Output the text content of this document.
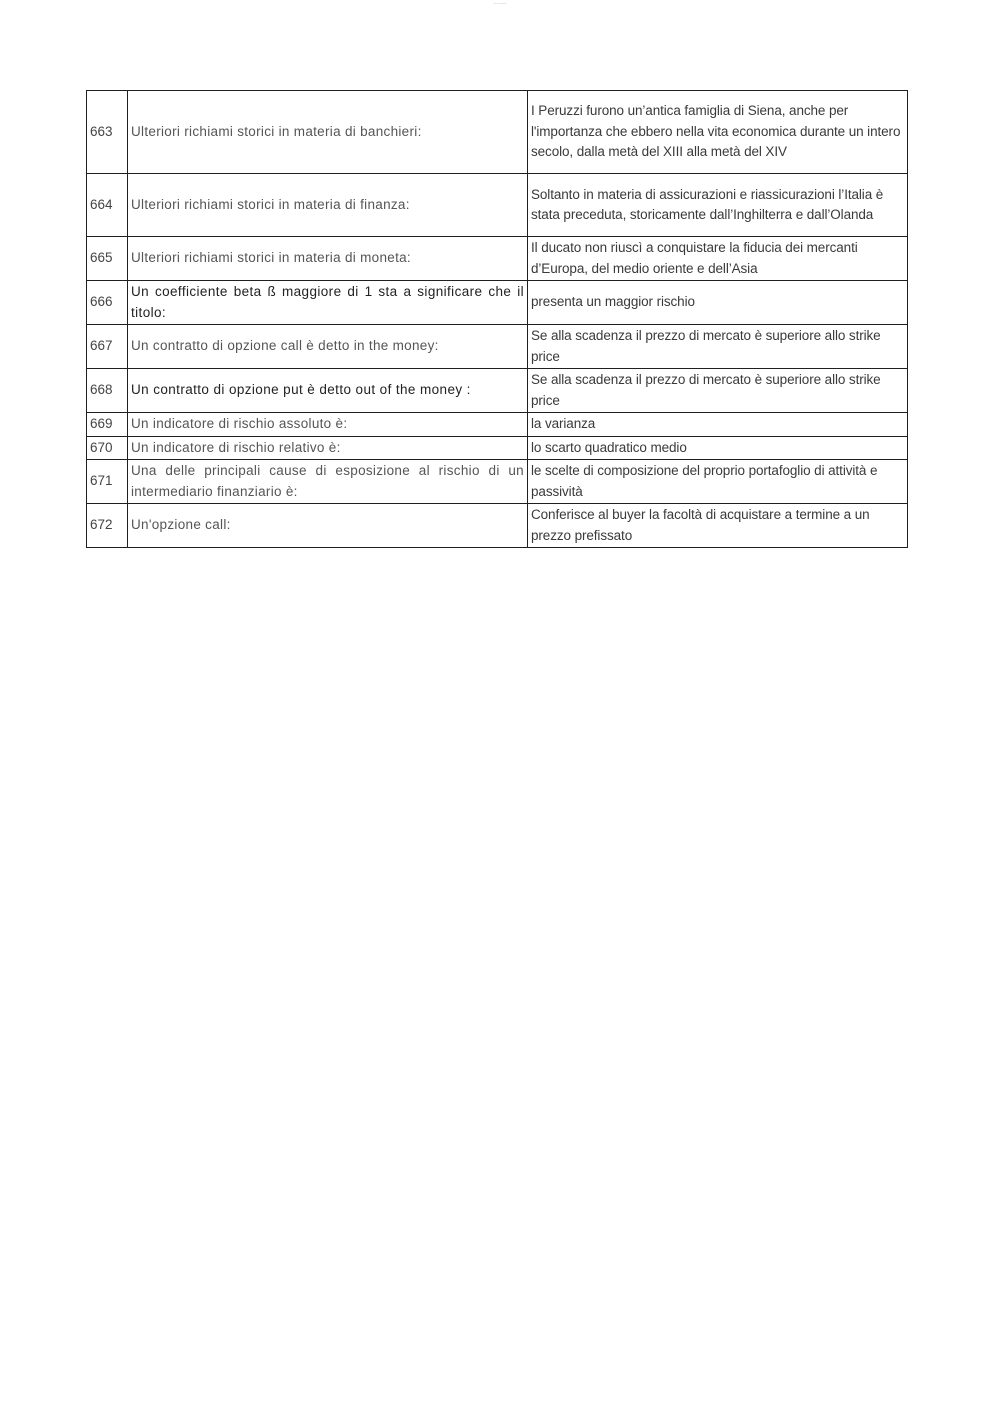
— ——
663	Ulteriori richiami storici in materia di banchieri:	I Peruzzi furono un’antica famiglia di Siena, anche per l'importanza che ebbero nella vita economica durante un intero secolo, dalla metà del XIII alla metà del XIV
664	Ulteriori richiami storici in materia di finanza:	Soltanto in materia di assicurazioni e riassicurazioni l’Italia è stata preceduta, storicamente dall’Inghilterra e dall’Olanda
665	Ulteriori richiami storici in materia di moneta:	Il ducato non riuscì a conquistare la fiducia dei mercanti d’Europa, del medio oriente e dell’Asia
666	Un coefficiente beta ß maggiore di 1 sta a significare che il titolo:	presenta un maggior rischio
667	Un contratto di opzione call è detto in the money:	Se alla scadenza il prezzo di mercato è superiore allo strike price
668	Un contratto di opzione put è detto out of the money :	Se alla scadenza il prezzo di mercato è superiore allo strike price
669	Un indicatore di rischio assoluto è:	la varianza
670	Un indicatore di rischio relativo è:	lo scarto quadratico medio
671	Una delle principali cause di esposizione al rischio di un intermediario finanziario è:	le scelte di composizione del proprio portafoglio di attività e passività
672	Un'opzione call:	Conferisce al buyer la facoltà di acquistare a termine a un prezzo prefissato
